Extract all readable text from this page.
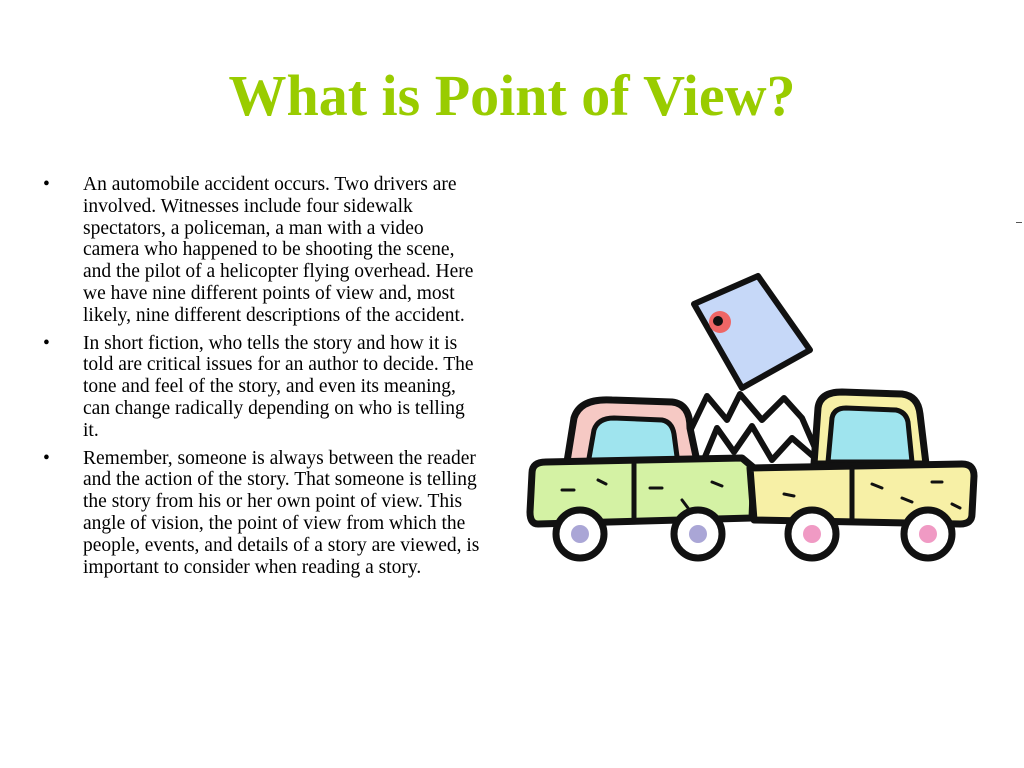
What is Point of View?
• An automobile accident occurs. Two drivers are involved. Witnesses include four sidewalk spectators, a policeman, a man with a video camera who happened to be shooting the scene, and the pilot of a helicopter flying overhead. Here we have nine different points of view and, most likely, nine different descriptions of the accident.
• In short fiction, who tells the story and how it is told are critical issues for an author to decide. The tone and feel of the story, and even its meaning, can change radically depending on who is telling it.
• Remember, someone is always between the reader and the action of the story. That someone is telling the story from his or her own point of view. This angle of vision, the point of view from which the people, events, and details of a story are viewed, is important to consider when reading a story.
